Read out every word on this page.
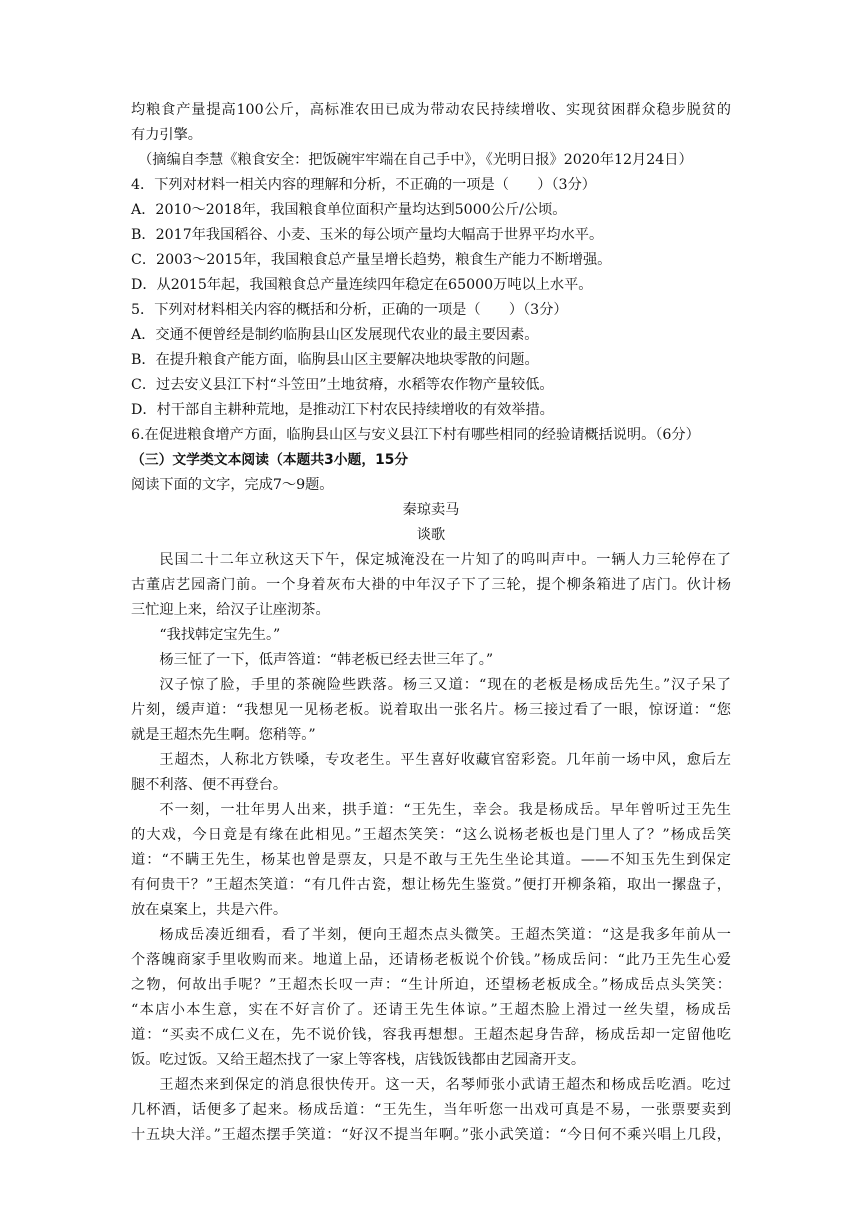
均粮食产量提高100公斤，高标准农田已成为带动农民持续增收、实现贫困群众稳步脱贫的

有力引擎。

（摘编自李慧《粮食安全：把饭碗牢牢端在自己手中》，《光明日报》2020年12月24日）

4．下列对材料一相关内容的理解和分析，不正确的一项是（　　）（3分）

A．2010～2018年，我国粮食单位面积产量均达到5000公斤/公顷。

B．2017年我国稻谷、小麦、玉米的每公顷产量均大幅高于世界平均水平。

C．2003～2015年，我国粮食总产量呈增长趋势，粮食生产能力不断增强。

D．从2015年起，我国粮食总产量连续四年稳定在65000万吨以上水平。

5．下列对材料相关内容的概括和分析，正确的一项是（　　）（3分）

A．交通不便曾经是制约临朐县山区发展现代农业的最主要因素。

B．在提升粮食产能方面，临朐县山区主要解决地块零散的问题。

C．过去安义县江下村“斗笠田”土地贫瘠，水稻等农作物产量较低。

D．村干部自主耕种荒地，是推动江下村农民持续增收的有效举措。

6.在促进粮食增产方面，临朐县山区与安义县江下村有哪些相同的经验请概括说明。（6分）

（三）文学类文本阅读（本题共3小题，15分

阅读下面的文字，完成7～9题。

秦琼卖马

谈歌

民国二十二年立秋这天下午，保定城淹没在一片知了的呜叫声中。一辆人力三轮停在了

古董店艺园斋门前。一个身着灰布大褂的中年汉子下了三轮，提个柳条箱进了店门。伙计杨

三忙迎上来，给汉子让座沏茶。

“我找韩定宝先生。”

杨三怔了一下，低声答道：“韩老板已经去世三年了。”

汉子惊了脸，手里的茶碗险些跌落。杨三又道：“现在的老板是杨成岳先生。”汉子呆了

片刻，缓声道：“我想见一见杨老板。说着取出一张名片。杨三接过看了一眼，惊讶道：“您

就是王超杰先生啊。您稍等。”

王超杰，人称北方铁嗓，专攻老生。平生喜好收藏官窑彩瓷。几年前一场中风，愈后左

腿不利落、便不再登台。

不一刻，一壮年男人出来，拱手道：“王先生，幸会。我是杨成岳。早年曾听过王先生

的大戏，今日竟是有缘在此相见。”王超杰笑笑：“这么说杨老板也是门里人了？”杨成岳笑

道：“不瞒王先生，杨某也曾是票友，只是不敢与王先生坐论其道。——不知玉先生到保定

有何贵干？”王超杰笑道：“有几件古瓷，想让杨先生鉴赏。”便打开柳条箱，取出一摞盘子，

放在桌案上，共是六件。

杨成岳凑近细看，看了半刻，便向王超杰点头微笑。王超杰笑道：“这是我多年前从一

个落魄商家手里收购而来。地道上品，还请杨老板说个价钱。”杨成岳问：“此乃王先生心爱

之物，何故出手呢？”王超杰长叹一声：“生计所迫，还望杨老板成全。”杨成岳点头笑笑：

“本店小本生意，实在不好言价了。还请王先生体谅。”王超杰脸上滑过一丝失望，杨成岳

道：“买卖不成仁义在，先不说价钱，容我再想想。王超杰起身告辞，杨成岳却一定留他吃

饭。吃过饭。又给王超杰找了一家上等客栈，店钱饭钱都由艺园斋开支。

王超杰来到保定的消息很快传开。这一天，名琴师张小武请王超杰和杨成岳吃酒。吃过

几杯酒，话便多了起来。杨成岳道：“王先生，当年听您一出戏可真是不易，一张票要卖到

十五块大洋。”王超杰摆手笑道：“好汉不提当年啊。”张小武笑道：“今日何不乘兴唱上几段，
